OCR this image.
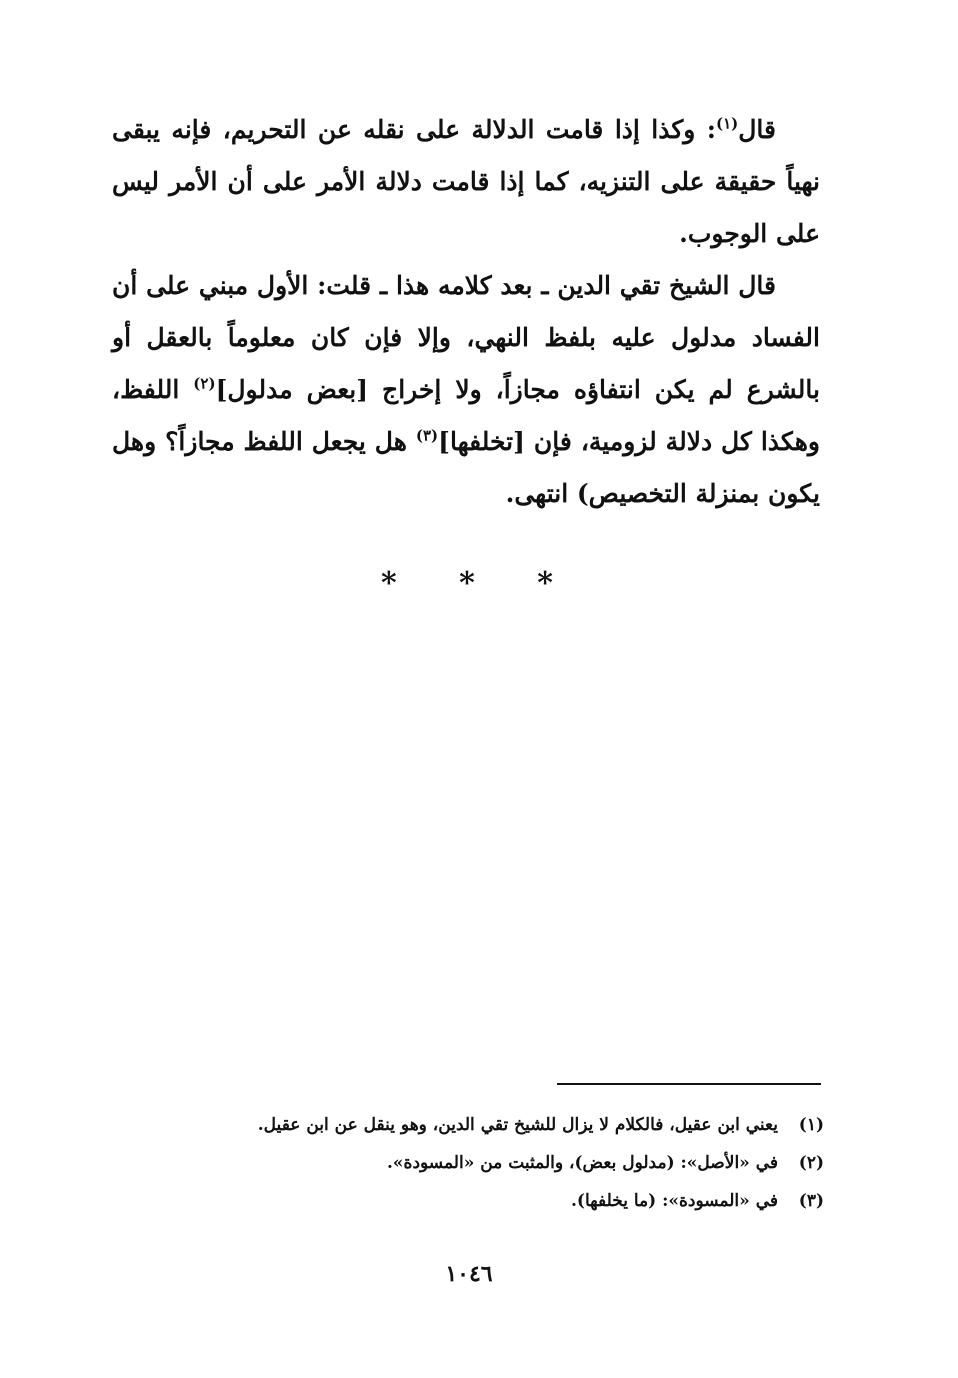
قال$^{(١)}$: وكذا إذا قامت الدلالة على نقله عن التحريم، فإنه يبقى نهياً حقيقة على التنزيه، كما إذا قامت دلالة الأمر على أن الأمر ليس على الوجوب.

قال الشيخ تقي الدين ـ بعد كلامه هذا ـ قلت: الأول مبني على أن الفساد مدلول عليه بلفظ النهي، وإلا فإن كان معلوماً بالعقل أو بالشرع لم يكن انتفاؤه مجازاً، ولا إخراج [بعض مدلول]$^{(٢)}$ اللفظ، وهكذا كل دلالة لزومية، فإن [تخلفها]$^{(٣)}$ هل يجعل اللفظ مجازاً؟ وهل يكون بمنزلة التخصيص) انتهى.

* * *
(١)
يعني ابن عقيل، فالكلام لا يزال للشيخ تقي الدين، وهو ينقل عن ابن عقيل.
(٢)
في «الأصل»: (مدلول بعض)، والمثبت من «المسودة».
(٣)
في «المسودة»: (ما يخلفها).
١٠٤٦
